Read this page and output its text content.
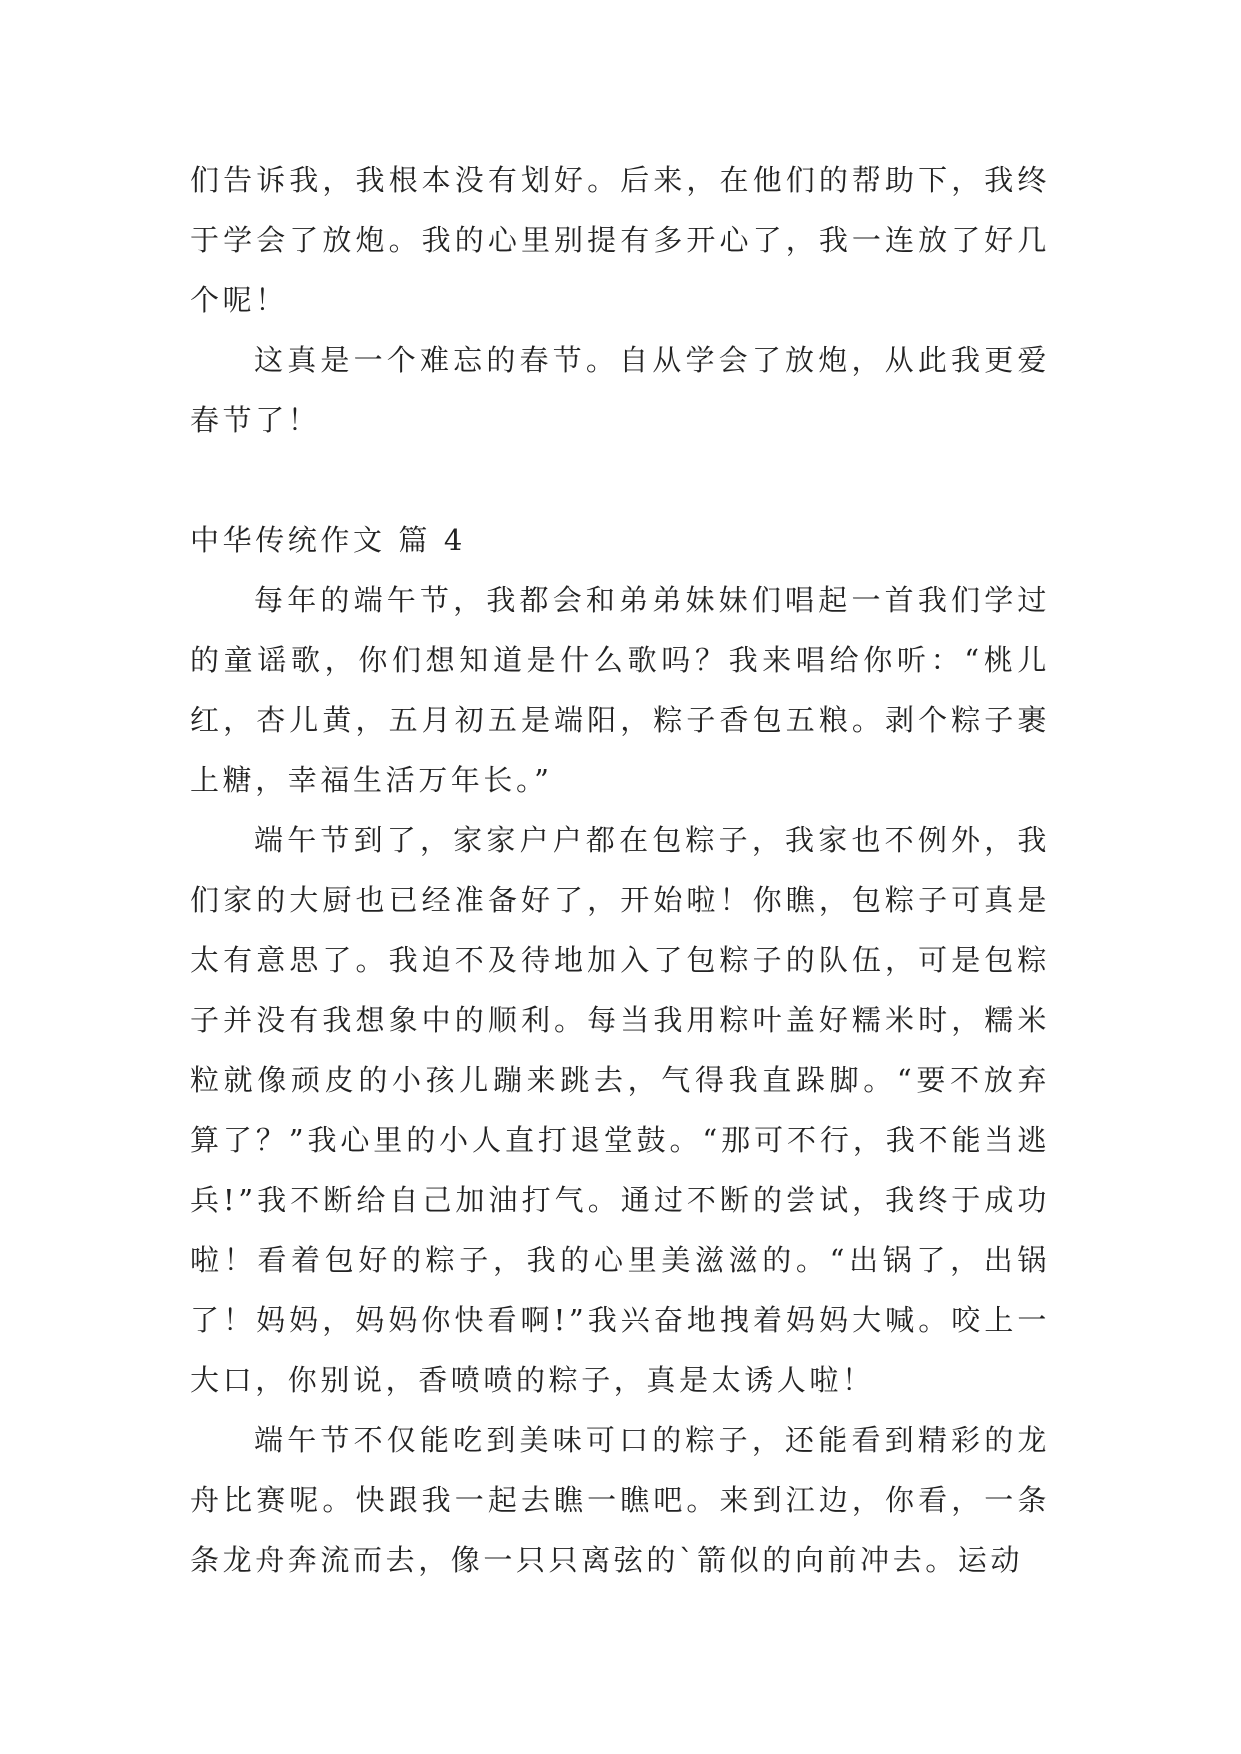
们告诉我，我根本没有划好。后来，在他们的帮助下，我终于学会了放炮。我的心里别提有多开心了，我一连放了好几个呢！

这真是一个难忘的春节。自从学会了放炮，从此我更爱春节了！

中华传统作文 篇 4

每年的端午节，我都会和弟弟妹妹们唱起一首我们学过的童谣歌，你们想知道是什么歌吗？我来唱给你听：“桃儿红，杏儿黄，五月初五是端阳，粽子香包五粮。剥个粽子裹上糖，幸福生活万年长。”

端午节到了，家家户户都在包粽子，我家也不例外，我们家的大厨也已经准备好了，开始啦！你瞧，包粽子可真是太有意思了。我迫不及待地加入了包粽子的队伍，可是包粽子并没有我想象中的顺利。每当我用粽叶盖好糯米时，糯米粒就像顽皮的小孩儿蹦来跳去，气得我直跺脚。“要不放弃算了？”我心里的小人直打退堂鼓。“那可不行，我不能当逃兵!”我不断给自己加油打气。通过不断的尝试，我终于成功啦！看着包好的粽子，我的心里美滋滋的。“出锅了，出锅了！妈妈，妈妈你快看啊!”我兴奋地拽着妈妈大喊。咬上一大口，你别说，香喷喷的粽子，真是太诱人啦！

端午节不仅能吃到美味可口的粽子，还能看到精彩的龙舟比赛呢。快跟我一起去瞧一瞧吧。来到江边，你看，一条条龙舟奔流而去，像一只只离弦的`箭似的向前冲去。运动
